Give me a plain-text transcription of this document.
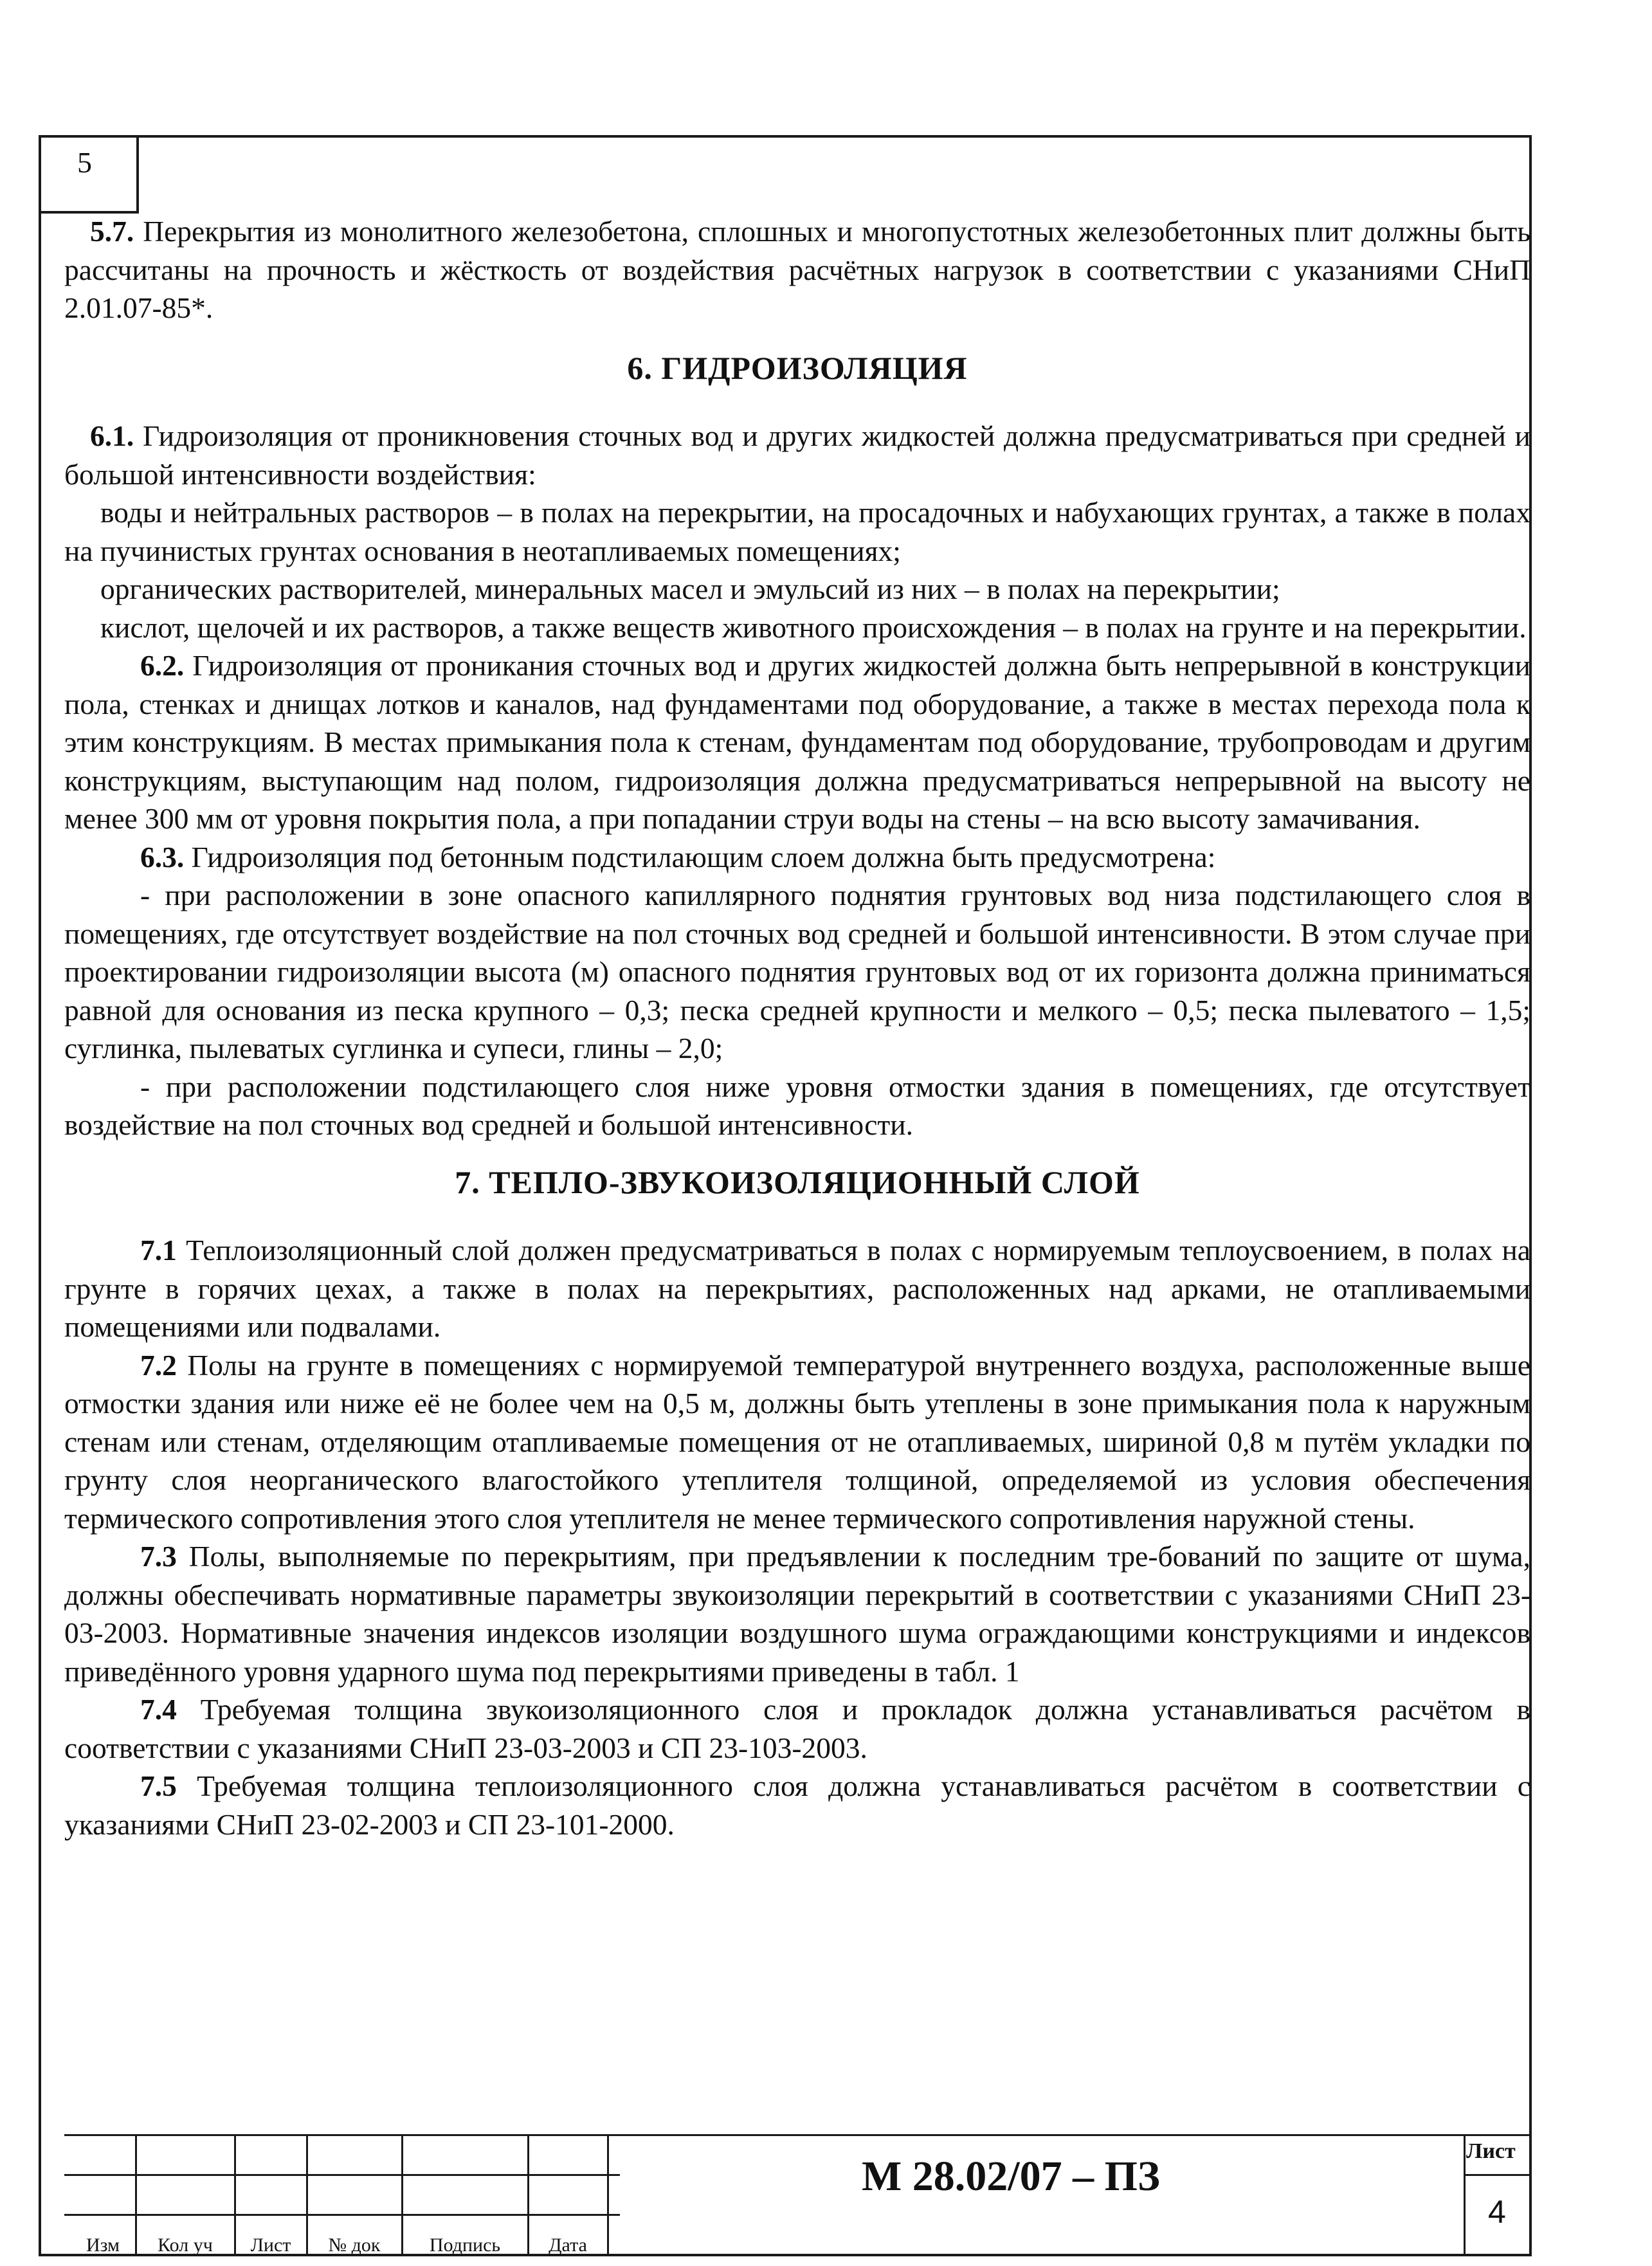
5

5.7. Перекрытия из монолитного железобетона, сплошных и многопустотных железобетонных плит должны быть рассчитаны на прочность и жёсткость от воздействия расчётных нагрузок в соответствии с указаниями СНиП 2.01.07-85*.

6. ГИДРОИЗОЛЯЦИЯ

6.1. Гидроизоляция от проникновения сточных вод и других жидкостей должна предусматриваться при средней и большой интенсивности воздействия:

воды и нейтральных растворов – в полах на перекрытии, на просадочных и набухающих грунтах, а также в полах на пучинистых грунтах основания в неотапливаемых помещениях;

органических растворителей, минеральных масел и эмульсий из них – в полах на перекрытии;

кислот, щелочей и их растворов, а также веществ животного происхождения – в полах на грунте и на перекрытии.

6.2. Гидроизоляция от проникания сточных вод и других жидкостей должна быть непрерывной в конструкции пола, стенках и днищах лотков и каналов, над фундаментами под оборудование, а также в местах перехода пола к этим конструкциям. В местах примыкания пола к стенам, фундаментам под оборудование, трубопроводам и другим конструкциям, выступающим над полом, гидроизоляция должна предусматриваться непрерывной на высоту не менее 300 мм от уровня покрытия пола, а при попадании струи воды на стены – на всю высоту замачивания.

6.3. Гидроизоляция под бетонным подстилающим слоем должна быть предусмотрена:

- при расположении в зоне опасного капиллярного поднятия грунтовых вод низа подстилающего слоя в помещениях, где отсутствует воздействие на пол сточных вод средней и большой интенсивности. В этом случае при проектировании гидроизоляции высота (м) опасного поднятия грунтовых вод от их горизонта должна приниматься равной для основания из песка крупного – 0,3; песка средней крупности и мелкого – 0,5; песка пылеватого – 1,5; суглинка, пылеватых суглинка и супеси, глины – 2,0;

- при расположении подстилающего слоя ниже уровня отмостки здания в помещениях, где отсутствует воздействие на пол сточных вод средней и большой интенсивности.

7. ТЕПЛО-ЗВУКОИЗОЛЯЦИОННЫЙ СЛОЙ

7.1 Теплоизоляционный слой должен предусматриваться в полах с нормируемым теплоусвоением, в полах на грунте в горячих цехах, а также в полах на перекрытиях, расположенных над арками, не отапливаемыми помещениями или подвалами.

7.2 Полы на грунте в помещениях с нормируемой температурой внутреннего воздуха, расположенные выше отмостки здания или ниже её не более чем на 0,5 м, должны быть утеплены в зоне примыкания пола к наружным стенам или стенам, отделяющим отапливаемые помещения от не отапливаемых, шириной 0,8 м путём укладки по грунту слоя неорганического влагостойкого утеплителя толщиной, определяемой из условия обеспечения термического сопротивления этого слоя утеплителя не менее термического сопротивления наружной стены.

7.3 Полы, выполняемые по перекрытиям, при предъявлении к последним тре-бований по защите от шума, должны обеспечивать нормативные параметры звукоизоляции перекрытий в соответствии с указаниями СНиП 23-03-2003. Нормативные значения индексов изоляции воздушного шума ограждающими конструкциями и индексов приведённого уровня ударного шума под перекрытиями приведены в табл. 1

7.4 Требуемая толщина звукоизоляционного слоя и прокладок должна устанавливаться расчётом в соответствии с указаниями СНиП 23-03-2003 и СП 23-103-2003.

7.5 Требуемая толщина теплоизоляционного слоя должна устанавливаться расчётом в соответствии с указаниями СНиП 23-02-2003 и СП 23-101-2000.

Изм	Кол уч	Лист	№ док	Подпись	Дата
М 28.02/07 – ПЗ
Лист
4
